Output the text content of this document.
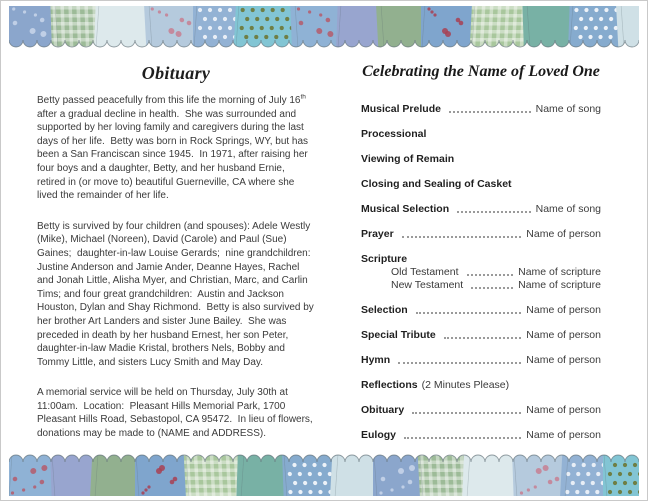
Obituary

Betty passed peacefully from this life the morning of July 16th after a gradual decline in health.  She was surrounded and supported by her loving family and caregivers during the last days of her life.  Betty was born in Rock Springs, WY, but has been a San Franciscan since 1945.  In 1971, after raising her four boys and a daughter, Betty, and her husband Ernie, retired in (or move to) beautiful Guerneville, CA where she lived the remainder of her life.

Betty is survived by four children (and spouses): Adele Westly (Mike), Michael (Noreen), David (Carole) and Paul (Sue) Gaines;  daughter-in-law Louise Gerards;  nine grandchildren: Justine Anderson and Jamie Ander, Deanne Hayes, Rachel and Jonah Little, Alisha Myer, and Christian, Marc, and Carlin Tims; and four great grandchildren:  Austin and Jackson Houston, Dylan and Shay Richmond.  Betty is also survived by her brother Art Landers and sister June Bailey.  She was preceded in death by her husband Ernest, her son Peter, daughter-in-law Madie Kristal, brothers Nels, Bobby and Tommy Little, and sisters Lucy Smith and May Day.

A memorial service will be held on Thursday, July 30th at 11:00am.  Location:  Pleasant Hills Memorial Park, 1700 Pleasant Hills Road, Sebastopol, CA 95472.  In lieu of flowers, donations may be made to (NAME and ADDRESS).

Celebrating the Name of Loved One
Musical Prelude	Name of song
Processional
Viewing of Remain
Closing and Sealing of Casket
Musical Selection	Name of song
Prayer	Name of person
Scripture
Old Testament	Name of scripture
New Testament	Name of scripture
Selection	Name of person
Special Tribute	Name of person
Hymn	Name of person
Reflections (2 Minutes Please)
Obituary	Name of person
Eulogy	Name of person
